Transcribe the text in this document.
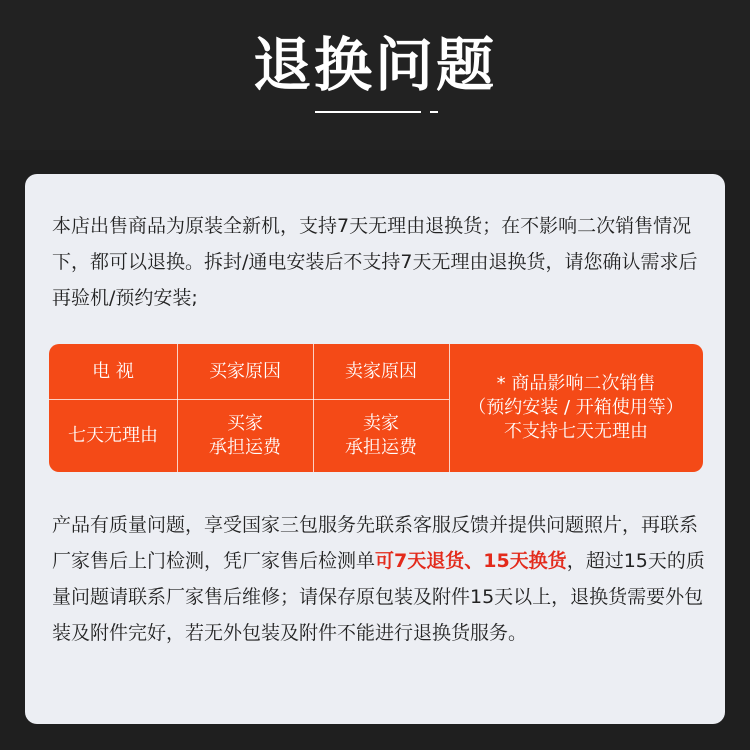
退换问题
本店出售商品为原装全新机，支持7天无理由退换货；在不影响二次销售情况下，都可以退换。拆封/通电安装后不支持7天无理由退换货，请您确认需求后再验机/预约安装;
电 视	买家原因	卖家原因
七天无理由
买家
承担运费
卖家
承担运费
* 商品影响二次销售
（预约安装 / 开箱使用等）
不支持七天无理由
产品有质量问题，享受国家三包服务先联系客服反馈并提供问题照片，再联系厂家售后上门检测，凭厂家售后检测单可7天退货、15天换货，超过15天的质量问题请联系厂家售后维修；请保存原包装及附件15天以上，退换货需要外包装及附件完好，若无外包装及附件不能进行退换货服务。
